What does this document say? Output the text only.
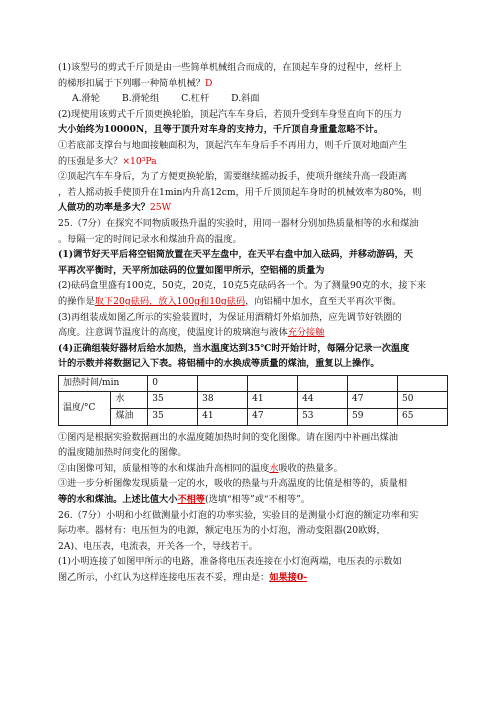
(1)该型号的剪式千斤顶是由一些简单机械组合而成的，在顶起车身的过程中，丝杆上
的梯形扣属于下列哪一种简单机械？D
A.滑轮 B.滑轮组 C.杠杆 D.斜面
(2)现使用该剪式千斤顶更换轮胎，顶起汽车车身后，若顶升受到车身竖直向下的压力
大小始终为10000N，且等于顶升对车身的支持力，千斤顶自身重量忽略不计。
①若底部支撑台与地面接触面积为，顶起汽车车身后手不再用力，则千斤顶对地面产生
的压强是多大？×10³Pa
②顶起汽车车身后，为了方便更换轮胎，需要继续摇动扳手，使项升继续升高一段距离
，若人摇动扳手使顶升在1min内升高12cm，用千斤顶顶起车身时的机械效率为80%，则
人做功的功率是多大？25W
25.（7分）在探究不同物质吸热升温的实验时，用同一器材分别加热质量相等的水和煤油
。每隔一定的时间记录水和煤油升高的温度。
(1)调节好天平后将空铝筒放置在天平左盘中，在天平右盘中加入砝码，并移动游码，天
平再次平衡时，天平所加砝码的位置如图甲所示，空铝桶的质量为
(2)砝码盒里盛有100克，50克，20克，10克5克砝码各一个。为了测量90克的水，接下来
的操作是取下20g砝码，放入100g和10g砝码，向铝桶中加水，直至天平再次平衡。
(3)再组装成如图乙所示的实验装置时，为保证用酒精灯外焰加热，应先调节好铁圈的
高度。注意调节温度计的高度，使温度计的玻璃泡与液体充分接触
(4)正确组装好器材后给水加热，当水温度达到35℃时开始计时，每隔分记录一次温度
计的示数并将数据记入下表。将铝桶中的水换成等质量的煤油，重复以上操作。
加热时间/min		0					
温度/°C	水	35	38	41	44	47	50
	煤油	35	41	47	53	59	65
①图丙是根据实验数据画出的水温度随加热时间的变化图像。请在图丙中补画出煤油
的温度随加热时间变化的图像。
②由图像可知，质量相等的水和煤油升高相同的温度水吸收的热量多。
③进一步分析图像发现质量一定的水，吸收的热量与升高温度的比值是相等的，质量相
等的水和煤油。上述比值大小不相等(选填“相等”或“不相等”。
26.（7分）小明和小红做测量小灯泡的功率实验，实验目的是测量小灯泡的额定功率和实
际功率。器材有：电压恒为的电源，额定电压为的小灯泡，滑动变阻器(20欧姆，
2A)、电压表，电流表，开关各一个，导线若干。
(1)小明连接了如图甲所示的电路，准备将电压表连接在小灯泡两端，电压表的示数如
图乙所示，小红认为这样连接电压表不妥，理由是：如果接0-
